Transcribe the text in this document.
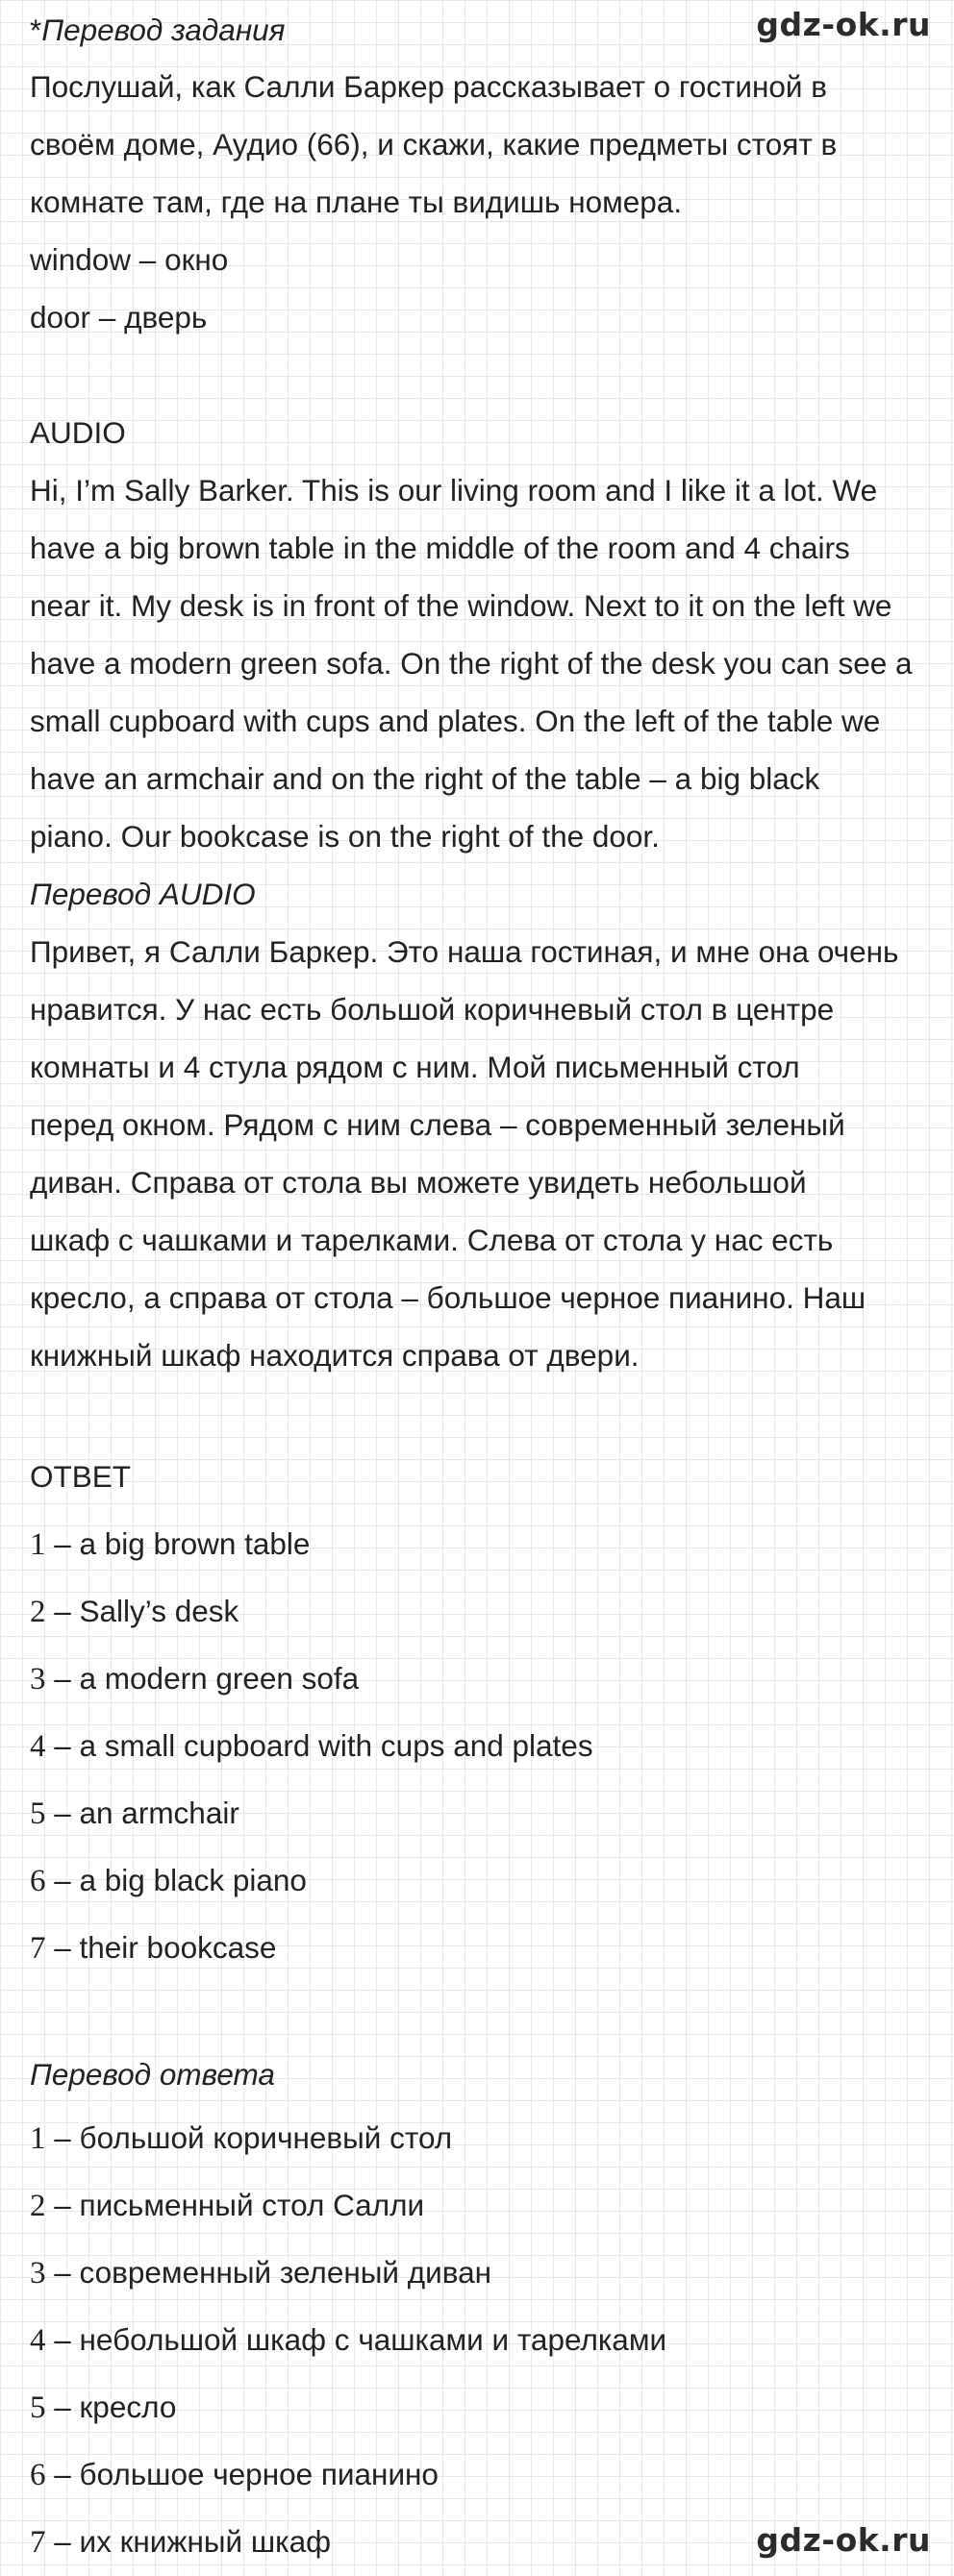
gdz-ok.ru
*Перевод задания
Послушай, как Салли Баркер рассказывает о гостиной в
своём доме, Аудио (66), и скажи, какие предметы стоят в
комнате там, где на плане ты видишь номера.
window – окно
door – дверь
AUDIO
Hi, I’m Sally Barker. This is our living room and I like it a lot. We
have a big brown table in the middle of the room and 4 chairs
near it. My desk is in front of the window. Next to it on the left we
have a modern green sofa. On the right of the desk you can see a
small cupboard with cups and plates. On the left of the table we
have an armchair and on the right of the table – a big black
piano. Our bookcase is on the right of the door.
Перевод AUDIO
Привет, я Салли Баркер. Это наша гостиная, и мне она очень
нравится. У нас есть большой коричневый стол в центре
комнаты и 4 стула рядом с ним. Мой письменный стол
перед окном. Рядом с ним слева – современный зеленый
диван. Справа от стола вы можете увидеть небольшой
шкаф с чашками и тарелками. Слева от стола у нас есть
кресло, а справа от стола – большое черное пианино. Наш
книжный шкаф находится справа от двери.
ОТВЕТ
1 – a big brown table
2 – Sally’s desk
3 – a modern green sofa
4 – a small cupboard with cups and plates
5 – an armchair
6 – a big black piano
7 – their bookcase
Перевод ответа
1 – большой коричневый стол
2 – письменный стол Салли
3 – современный зеленый диван
4 – небольшой шкаф с чашками и тарелками
5 – кресло
6 – большое черное пианино
7 – их книжный шкаф	gdz-ok.ru
